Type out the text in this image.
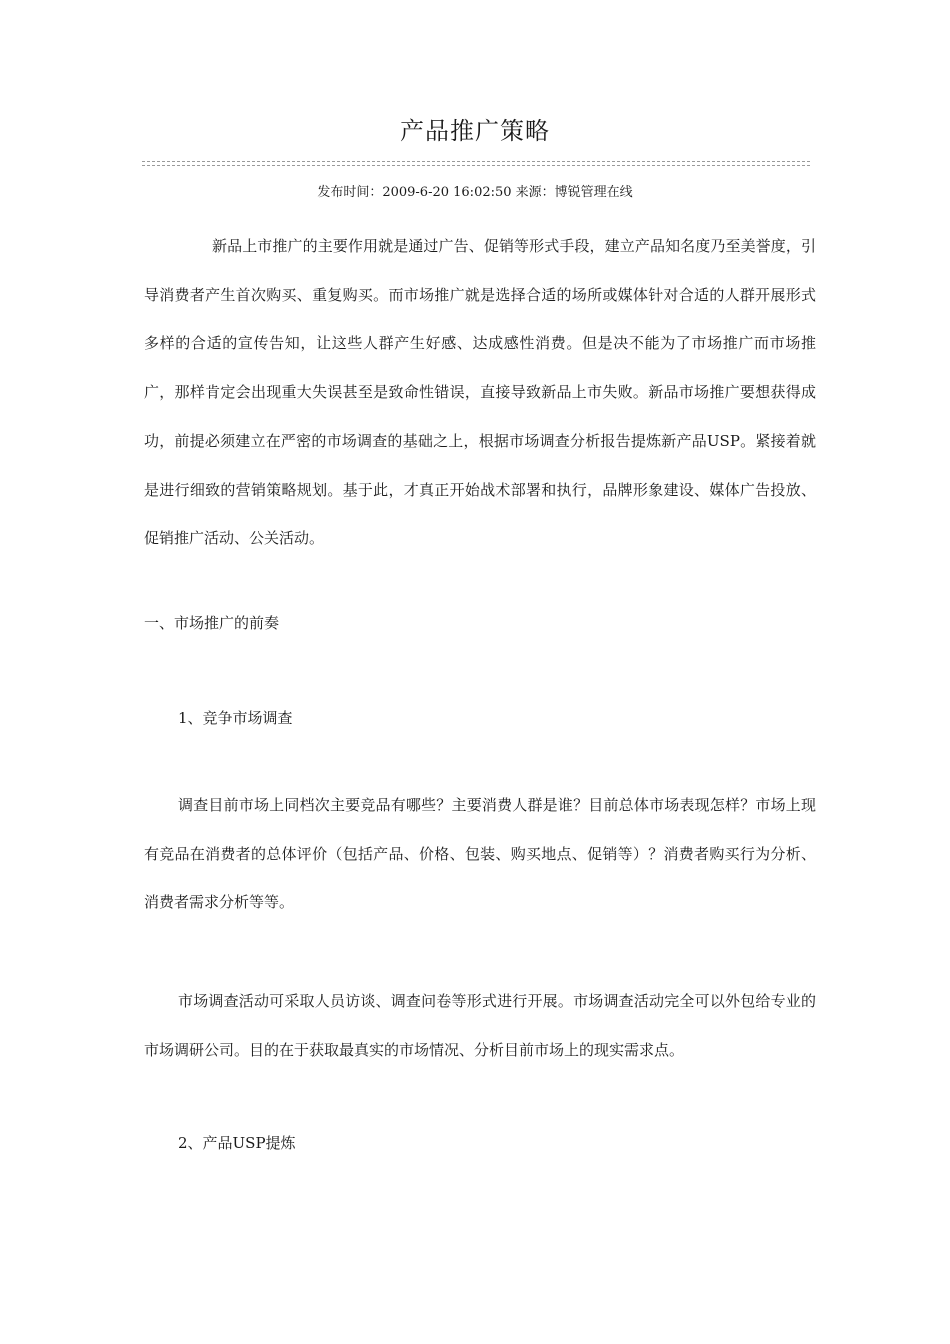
产品推广策略
发布时间：2009-6-20 16:02:50 来源：博锐管理在线

新品上市推广的主要作用就是通过广告、促销等形式手段，建立产品知名度乃至美誉度，引导消费者产生首次购买、重复购买。而市场推广就是选择合适的场所或媒体针对合适的人群开展形式多样的合适的宣传告知，让这些人群产生好感、达成感性消费。但是决不能为了市场推广而市场推广，那样肯定会出现重大失误甚至是致命性错误，直接导致新品上市失败。新品市场推广要想获得成功，前提必须建立在严密的市场调查的基础之上，根据市场调查分析报告提炼新产品USP。紧接着就是进行细致的营销策略规划。基于此，才真正开始战术部署和执行，品牌形象建设、媒体广告投放、促销推广活动、公关活动。

一、市场推广的前奏
1、竞争市场调查

调查目前市场上同档次主要竞品有哪些？主要消费人群是谁？目前总体市场表现怎样？市场上现有竞品在消费者的总体评价（包括产品、价格、包装、购买地点、促销等）？消费者购买行为分析、消费者需求分析等等。

市场调查活动可采取人员访谈、调查问卷等形式进行开展。市场调查活动完全可以外包给专业的市场调研公司。目的在于获取最真实的市场情况、分析目前市场上的现实需求点。

2、产品USP提炼
